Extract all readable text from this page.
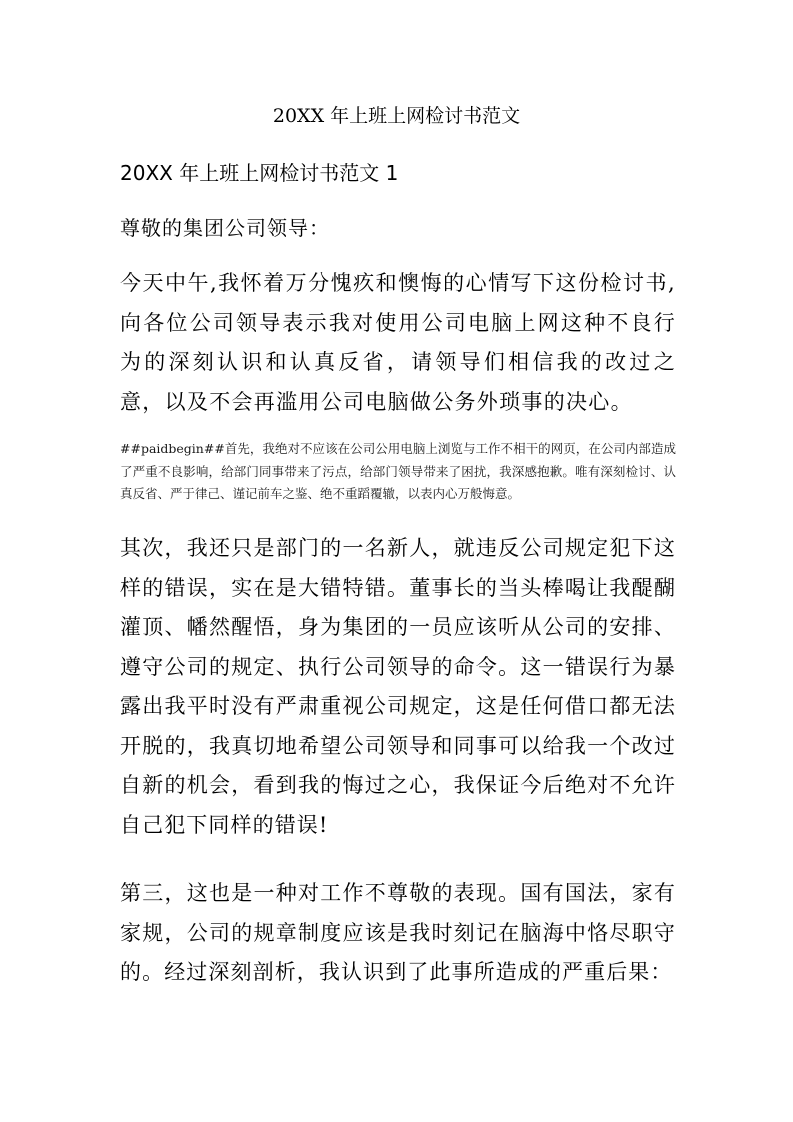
20XX 年上班上网检讨书范文
20XX 年上班上网检讨书范文 1
尊敬的集团公司领导：

今天中午,我怀着万分愧疚和懊悔的心情写下这份检讨书,向各位公司领导表示我对使用公司电脑上网这种不良行为的深刻认识和认真反省，请领导们相信我的改过之意，以及不会再滥用公司电脑做公务外琐事的决心。

##paidbegin##首先，我绝对不应该在公司公用电脑上浏览与工作不相干的网页，在公司内部造成了严重不良影响，给部门同事带来了污点，给部门领导带来了困扰，我深感抱歉。唯有深刻检讨、认真反省、严于律己、谨记前车之鉴、绝不重蹈覆辙，以表内心万般悔意。

其次，我还只是部门的一名新人，就违反公司规定犯下这样的错误，实在是大错特错。董事长的当头棒喝让我醍醐灌顶、幡然醒悟，身为集团的一员应该听从公司的安排、遵守公司的规定、执行公司领导的命令。这一错误行为暴露出我平时没有严肃重视公司规定，这是任何借口都无法开脱的，我真切地希望公司领导和同事可以给我一个改过自新的机会，看到我的悔过之心，我保证今后绝对不允许自己犯下同样的错误!

第三，这也是一种对工作不尊敬的表现。国有国法，家有家规，公司的规章制度应该是我时刻记在脑海中恪尽职守的。经过深刻剖析，我认识到了此事所造成的严重后果：
